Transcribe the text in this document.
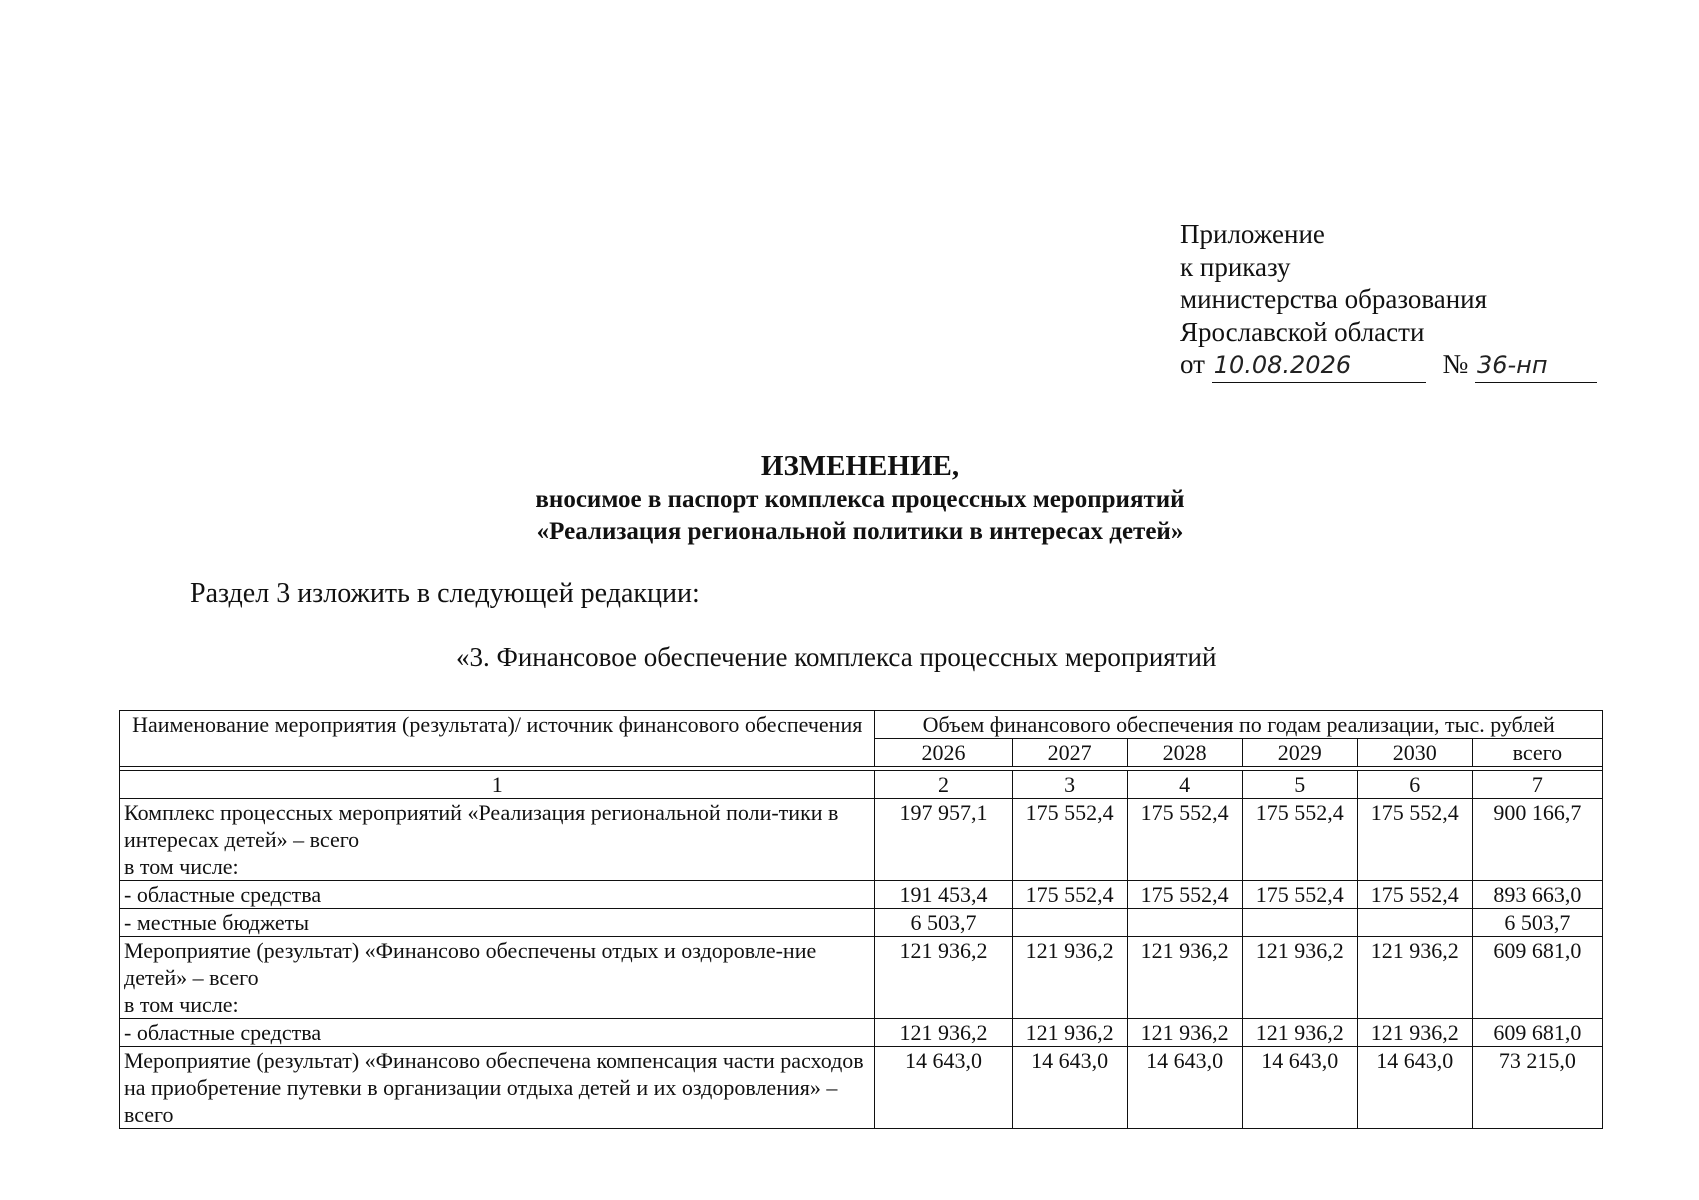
Приложение
к приказу
министерства образования
Ярославской области
от 10.08.2026	№ 36-нп
ИЗМЕНЕНИЕ,
вносимое в паспорт комплекса процессных мероприятий
«Реализация региональной политики в интересах детей»
Раздел 3 изложить в следующей редакции:
«3. Финансовое обеспечение комплекса процессных мероприятий
Наименование мероприятия (результата)/ источник финансового обеспечения	Объем финансового обеспечения по годам реализации, тыс. рублей					
	2026	2027	2028	2029	2030	всего

1	2	3	4	5	6	7

Комплекс процессных мероприятий «Реализация региональной поли-тики в интересах детей» – всего
в том числе:	197 957,1	175 552,4	175 552,4	175 552,4	175 552,4	900 166,7
- областные средства	191 453,4	175 552,4	175 552,4	175 552,4	175 552,4	893 663,0
- местные бюджеты	6 503,7					6 503,7

Мероприятие (результат) «Финансово обеспечены отдых и оздоровле-ние детей» – всего
в том числе:	121 936,2	121 936,2	121 936,2	121 936,2	121 936,2	609 681,0
- областные средства	121 936,2	121 936,2	121 936,2	121 936,2	121 936,2	609 681,0
Мероприятие (результат) «Финансово обеспечена компенсация части расходов на приобретение путевки в организации отдыха детей и их оздоровления» – всего	14 643,0	14 643,0	14 643,0	14 643,0	14 643,0	73 215,0
